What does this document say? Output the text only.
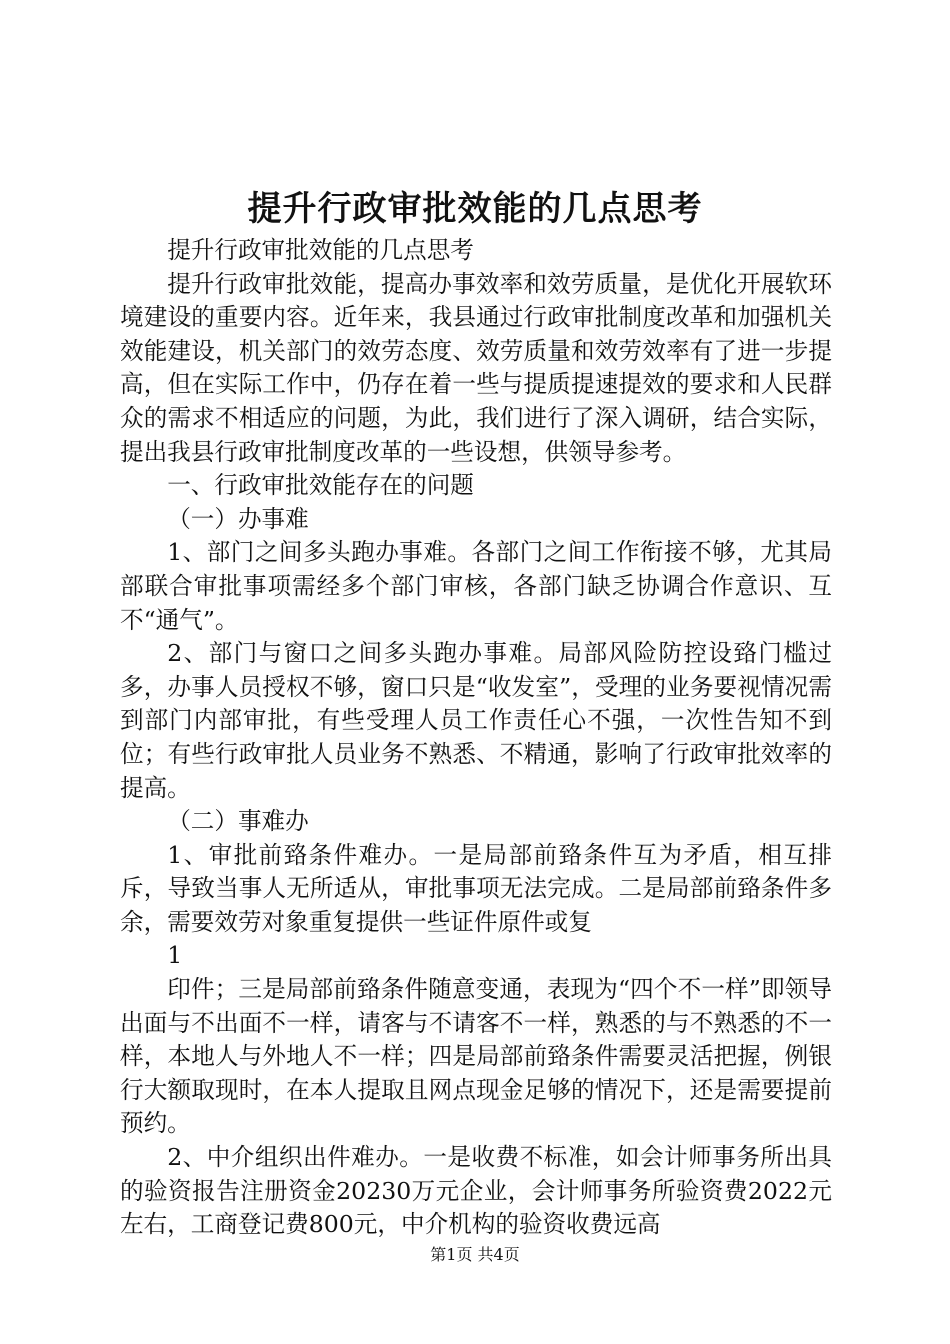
提升行政审批效能的几点思考

提升行政审批效能的几点思考

提升行政审批效能，提高办事效率和效劳质量，是优化开展软环境建设的重要内容。近年来，我县通过行政审批制度改革和加强机关效能建设，机关部门的效劳态度、效劳质量和效劳效率有了进一步提高，但在实际工作中，仍存在着一些与提质提速提效的要求和人民群众的需求不相适应的问题，为此，我们进行了深入调研，结合实际，提出我县行政审批制度改革的一些设想，供领导参考。

一、行政审批效能存在的问题

（一）办事难

1、部门之间多头跑办事难。各部门之间工作衔接不够，尤其局部联合审批事项需经多个部门审核，各部门缺乏协调合作意识、互不“通气”。

2、部门与窗口之间多头跑办事难。局部风险防控设臵门槛过多，办事人员授权不够，窗口只是“收发室”，受理的业务要视情况需到部门内部审批，有些受理人员工作责任心不强，一次性告知不到位；有些行政审批人员业务不熟悉、不精通，影响了行政审批效率的提高。

（二）事难办

1、审批前臵条件难办。一是局部前臵条件互为矛盾，相互排斥，导致当事人无所适从，审批事项无法完成。二是局部前臵条件多余，需要效劳对象重复提供一些证件原件或复

1

印件；三是局部前臵条件随意变通，表现为“四个不一样”即领导出面与不出面不一样，请客与不请客不一样，熟悉的与不熟悉的不一样，本地人与外地人不一样；四是局部前臵条件需要灵活把握，例银行大额取现时，在本人提取且网点现金足够的情况下，还是需要提前预约。

2、中介组织出件难办。一是收费不标准，如会计师事务所出具的验资报告注册资金20230万元企业，会计师事务所验资费2022元左右，工商登记费800元，中介机构的验资收费远高

第1页 共4页
